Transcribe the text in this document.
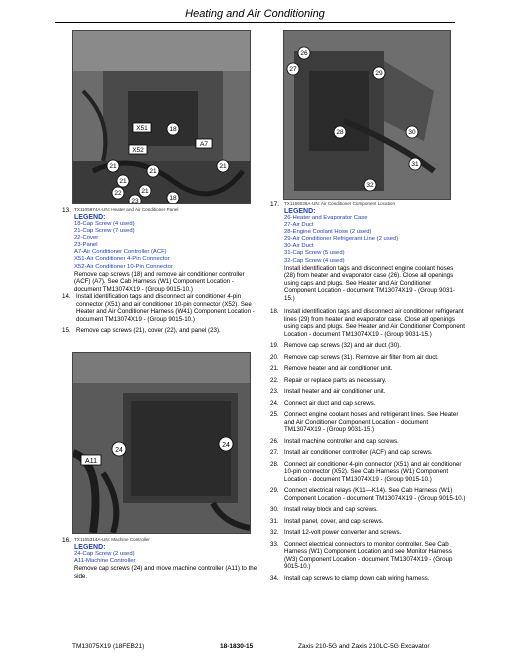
Heating and Air Conditioning
X51	18
X52
A7
21
21
21
21
21
22
23	18
13. TX1105874A-UN: Heater and Air Conditioner Panel
LEGEND:
18-Cap Screw (4 used)
21-Cap Screw (7 used)
22-Cover
23-Panel
A7-Air Conditioner Controller (ACF)
X51-Air Conditioner 4-Pin Connector
X52-Air Conditioner 10-Pin Connector
Remove cap screws (18) and remove air conditioner controller (ACF) (A7). See Cab Harness (W1) Component Location - document TM13074X19 - (Group 9015-10.)
14. Install identification tags and disconnect air conditioner 4-pin connector (X51) and air conditioner 10-pin connector (X52). See Heater and Air Conditioner Harness (W41) Component Location - document TM13074X19 - (Group 9015-10.)
15. Remove cap screws (21), cover (22), and panel (23).
24
24
A11
16. TX1105314A-UN: Machine Controller
LEGEND:
24-Cap Screw (2 used)
A11-Machine Controller
Remove cap screws (24) and move machine controller (A11) to the side.
26
27
29
28	30
31
32
17. TX1166036A-UN: Air Conditioner Component Location
LEGEND:
26-Heater and Evaporator Case
27-Air Duct
28-Engine Coolant Hose (2 used)
29-Air Conditioner Refrigerant Line (2 used)
30-Air Duct
31-Cap Screw (5 used)
32-Cap Screw (4 used)
Install identification tags and disconnect engine coolant hoses (28) from heater and evaporator case (26). Close all openings using caps and plugs. See Heater and Air Conditioner Component Location - document TM13074X19 - (Group 9031-15.)
18. Install identification tags and disconnect air conditioner refrigerant lines (29) from heater and evaporator case. Close all openings using caps and plugs. See Heater and Air Conditioner Component Location - document TM13074X19 - (Group 9031-15.)
19. Remove cap screws (32) and air duct (30).
20. Remove cap screws (31). Remove air filter from air duct.
21. Remove heater and air conditioner unit.
22. Repair or replace parts as necessary.
23. Install heater and air conditioner unit.
24. Connect air duct and cap screws.
25. Connect engine coolant hoses and refrigerant lines. See Heater and Air Conditioner Component Location - document TM13074X19 - (Group 9031-15.)
26. Install machine controller and cap screws.
27. Install air conditioner controller (ACF) and cap screws.
28. Connect air conditioner 4-pin connector (X51) and air conditioner 10-pin connector (X52). See Cab Harness (W1) Component Location - document TM13074X19 - (Group 9015-10.)
29. Connect electrical relays (K11—K14). See Cab Harness (W1) Component Location - document TM13074X19 - (Group 9015-10.)
30. Install relay block and cap screws.
31. Install panel, cover, and cap screws.
32. Install 12-volt power converter and screws.
33. Connect electrical connectors to monitor controller. See Cab Harness (W1) Component Location and see Monitor Harness (W3) Component Location - document TM13074X19 - (Group 9015-10.)
34. Install cap screws to clamp down cab wiring harness.
TM13075X19 (18FEB21)	18-1830-15	Zaxis 210-5G and Zaxis 210LC-5G Excavator
